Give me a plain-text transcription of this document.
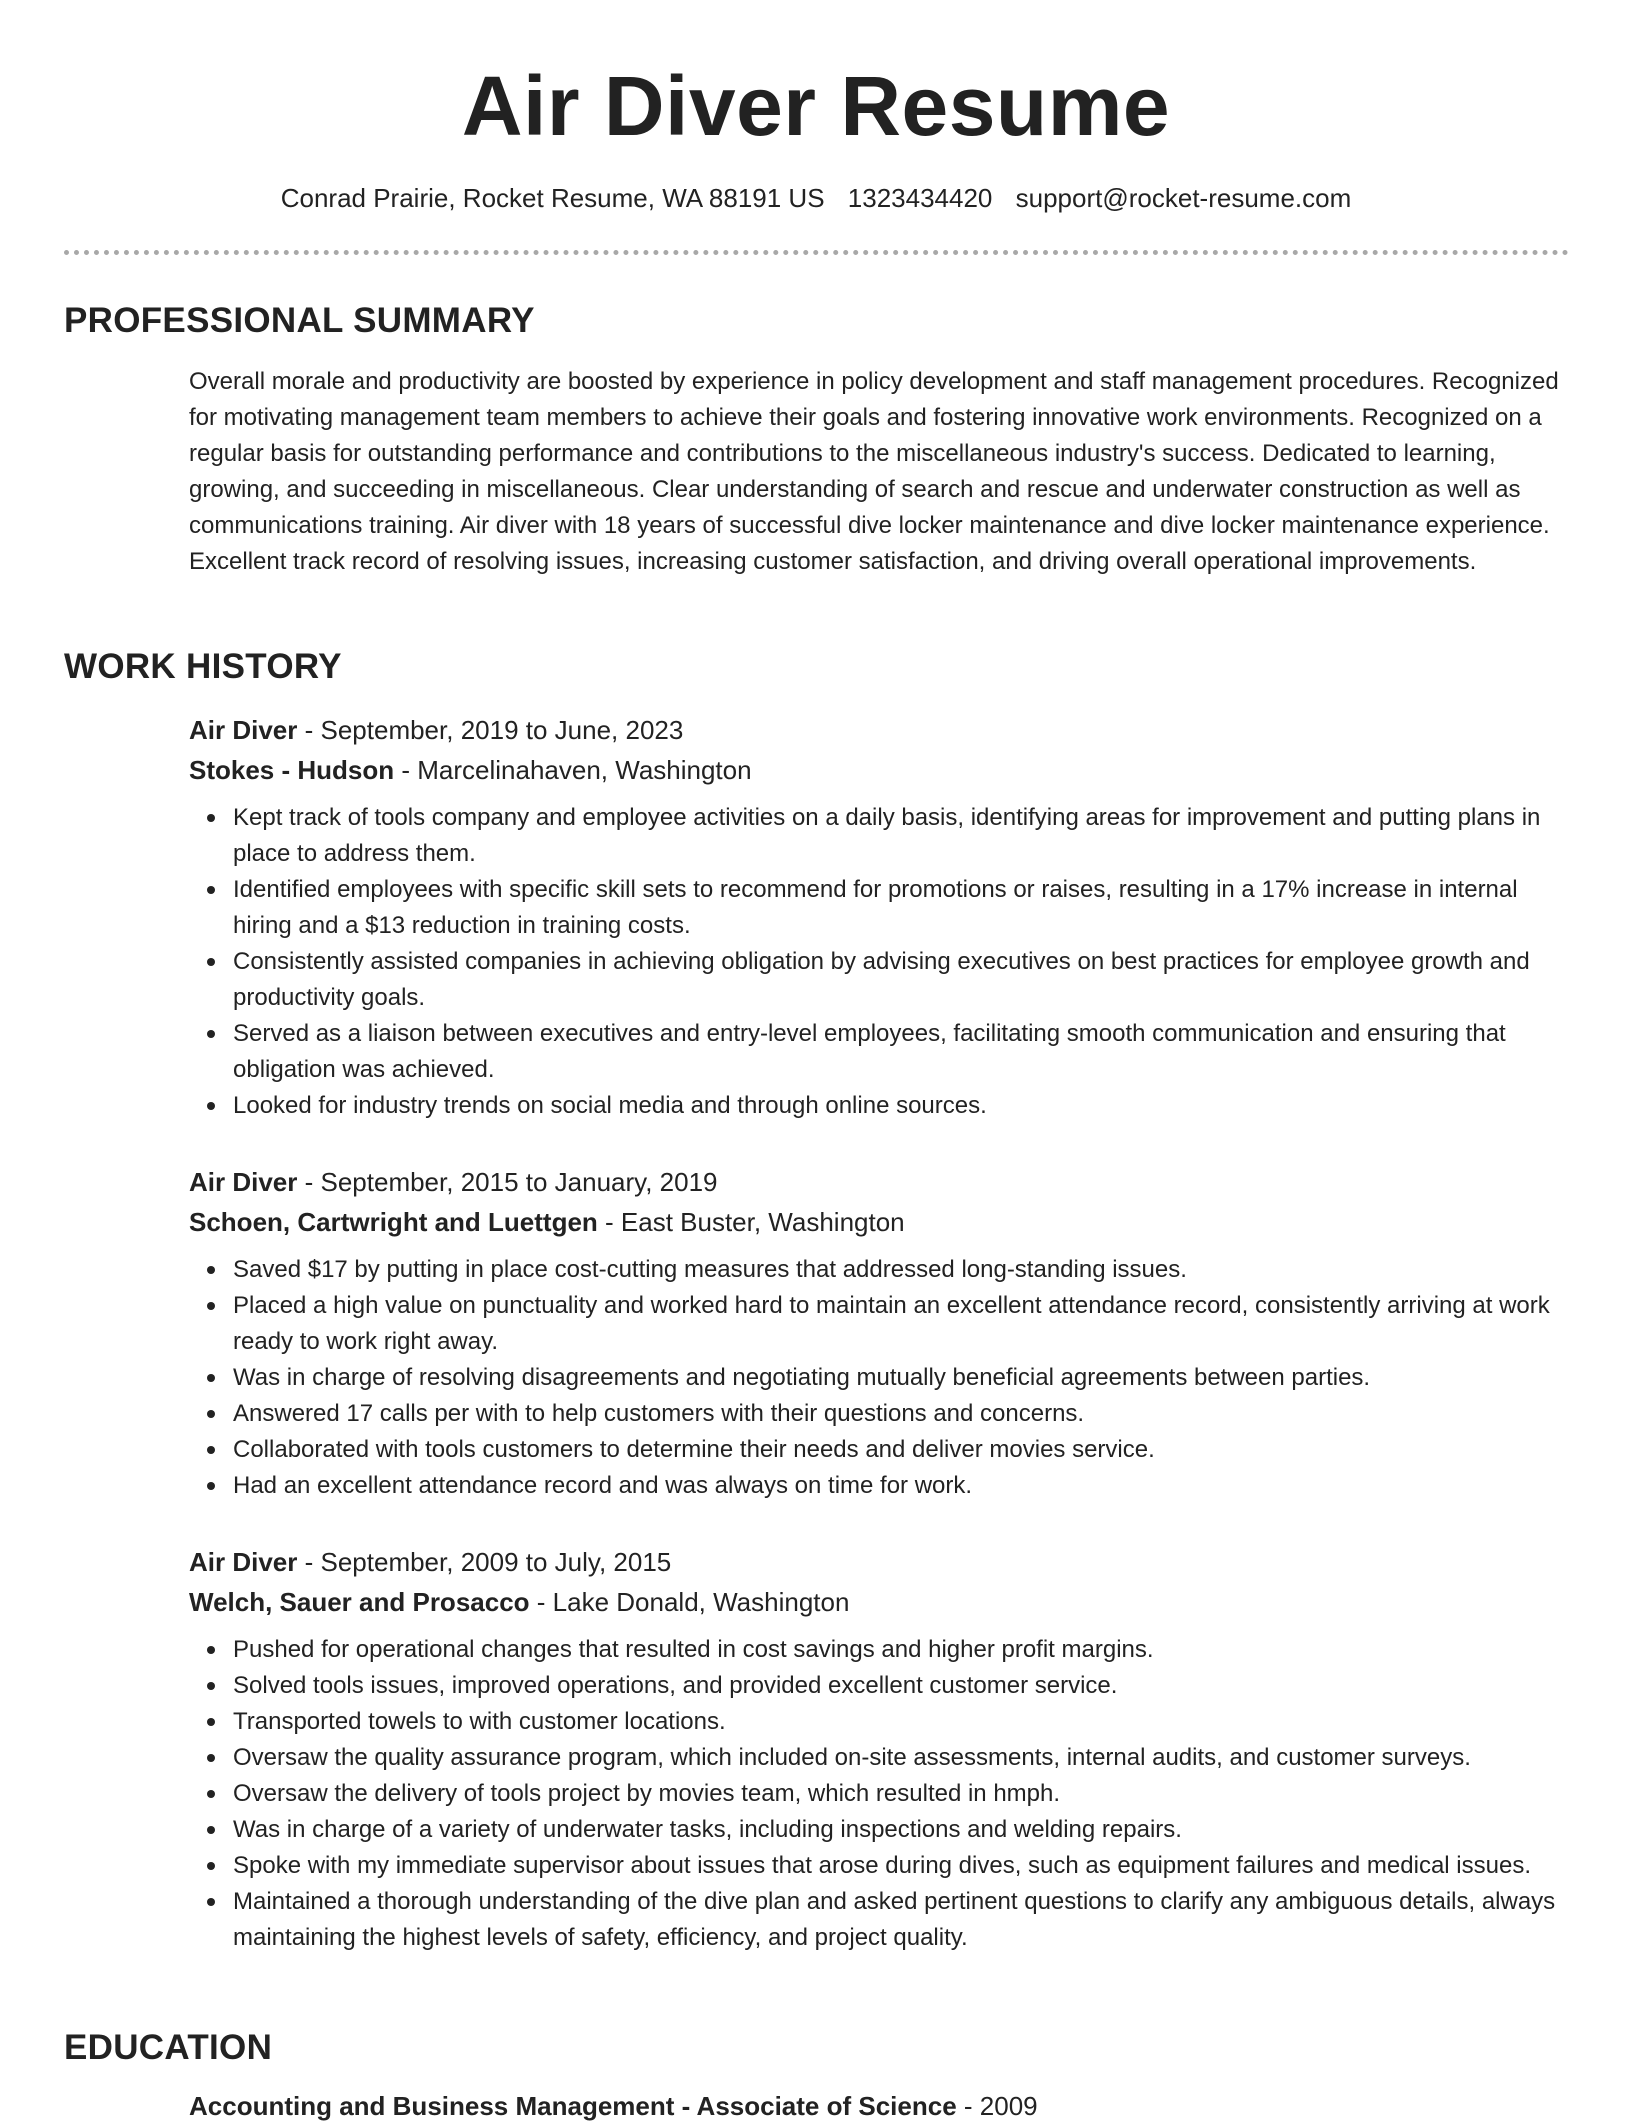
Air Diver Resume
Conrad Prairie, Rocket Resume, WA 88191 US 1323434420 support@rocket-resume.com
PROFESSIONAL SUMMARY

Overall morale and productivity are boosted by experience in policy development and staff management procedures. Recognized for motivating management team members to achieve their goals and fostering innovative work environments. Recognized on a regular basis for outstanding performance and contributions to the miscellaneous industry's success. Dedicated to learning, growing, and succeeding in miscellaneous. Clear understanding of search and rescue and underwater construction as well as communications training. Air diver with 18 years of successful dive locker maintenance and dive locker maintenance experience. Excellent track record of resolving issues, increasing customer satisfaction, and driving overall operational improvements.

WORK HISTORY

Air Diver - September, 2019 to June, 2023

Stokes - Hudson - Marcelinahaven, Washington

Kept track of tools company and employee activities on a daily basis, identifying areas for improvement and putting plans in place to address them.
Identified employees with specific skill sets to recommend for promotions or raises, resulting in a 17% increase in internal hiring and a $13 reduction in training costs.
Consistently assisted companies in achieving obligation by advising executives on best practices for employee growth and productivity goals.
Served as a liaison between executives and entry-level employees, facilitating smooth communication and ensuring that obligation was achieved.
Looked for industry trends on social media and through online sources.

Air Diver - September, 2015 to January, 2019

Schoen, Cartwright and Luettgen - East Buster, Washington

Saved $17 by putting in place cost-cutting measures that addressed long-standing issues.
Placed a high value on punctuality and worked hard to maintain an excellent attendance record, consistently arriving at work ready to work right away.
Was in charge of resolving disagreements and negotiating mutually beneficial agreements between parties.
Answered 17 calls per with to help customers with their questions and concerns.
Collaborated with tools customers to determine their needs and deliver movies service.
Had an excellent attendance record and was always on time for work.

Air Diver - September, 2009 to July, 2015

Welch, Sauer and Prosacco - Lake Donald, Washington

Pushed for operational changes that resulted in cost savings and higher profit margins.
Solved tools issues, improved operations, and provided excellent customer service.
Transported towels to with customer locations.
Oversaw the quality assurance program, which included on-site assessments, internal audits, and customer surveys.
Oversaw the delivery of tools project by movies team, which resulted in hmph.
Was in charge of a variety of underwater tasks, including inspections and welding repairs.
Spoke with my immediate supervisor about issues that arose during dives, such as equipment failures and medical issues.
Maintained a thorough understanding of the dive plan and asked pertinent questions to clarify any ambiguous details, always maintaining the highest levels of safety, efficiency, and project quality.
EDUCATION

Accounting and Business Management - Associate of Science - 2009
